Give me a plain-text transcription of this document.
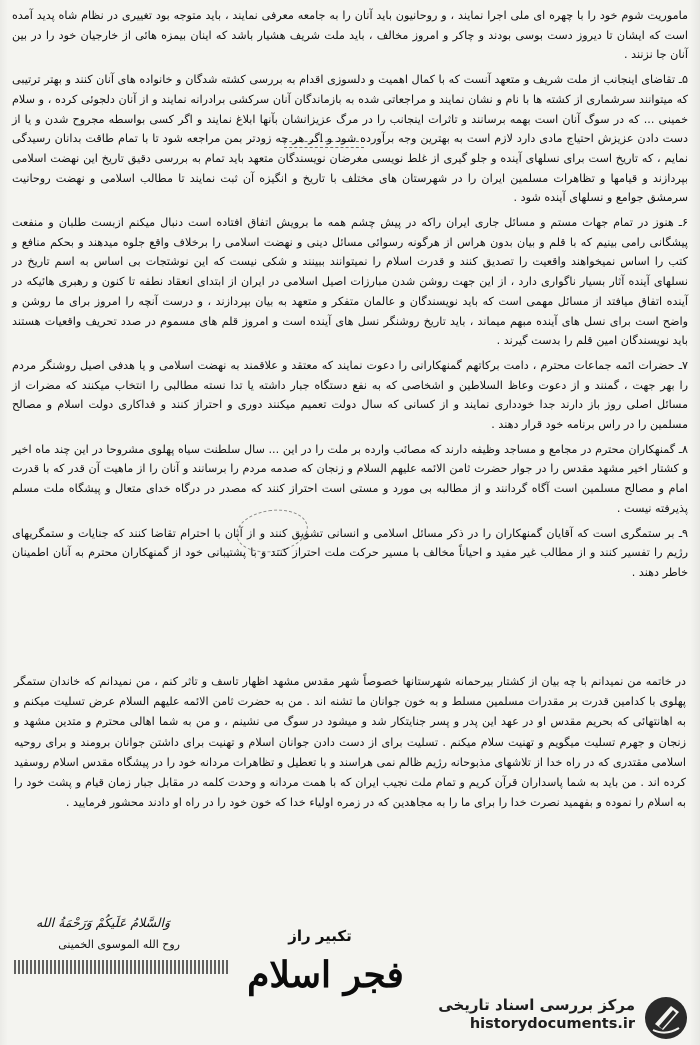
ماموریت شوم خود را با چهره ای ملی اجرا نمایند ، و روحانیون باید آنان را به جامعه معرفی نمایند ، باید متوجه بود تغییری در نظام شاه پدید آمده است که ایشان تا دیروز دست بوسی بودند و چاکر و امروز مخالف ، باید ملت شریف هشیار باشد که اینان بیمزه هائی از خارجیان خود را در بین آنان جا نزنند .

۵ـ تقاضای اینجانب از ملت شریف و متعهد آنست که با کمال اهمیت و دلسوزی اقدام به بررسی کشته شدگان و خانواده های آنان کنند و بهتر ترتیبی که میتوانند سرشماری از کشته ها با نام و نشان نمایند و مراجعاتی شده به بازماندگان آنان سرکشی برادرانه نمایند و از آنان دلجوئی کرده ، و سلام خمینی ... که در سوگ آنان است بهمه برسانند و تاثرات اینجانب را در مرگ عزیزانشان بآنها ابلاغ نمایند و اگر کسی بواسطه مجروح شدن و یا از دست دادن عزیزش احتیاج مادی دارد لازم است به بهترین وجه برآورده شود و اگر هر چه زودتر بمن مراجعه شود تا با تمام طاقت بدانان رسیدگی نمایم ، که تاریخ است برای نسلهای آینده و جلو گیری از غلط نویسی مغرضان نویسندگان متعهد باید تمام به بررسی دقیق تاریخ این نهضت اسلامی بپردازند و قیامها و تظاهرات مسلمین ایران را در شهرستان های مختلف با تاریخ و انگیزه آن ثبت نمایند تا مطالب اسلامی و نهضت روحانیت سرمشق جوامع و نسلهای آینده شود .

۶ـ هنوز در تمام جهات مستم و مسائل جاری ایران راکه در پیش چشم همه ما برویش اتفاق افتاده است دنبال میکنم ازبست طلبان و منفعت پیشگانی رامی بینیم که با قلم و بیان بدون هراس از هرگونه رسوائی مسائل دینی و نهضت اسلامی را برخلاف واقع جلوه میدهند و بحکم منافع و کتب را اساس نمیخواهند واقعیت را تصدیق کنند و قدرت اسلام را نمیتوانند ببینند و شکی نیست که این نوشتجات بی اساس به اسم تاریخ در نسلهای آینده آثار بسیار ناگواری دارد ، از این جهت روشن شدن مبارزات اصیل اسلامی در ایران از ابتدای انعقاد نطفه تا کنون و رهبری هائیکه در آینده اتفاق میافتد از مسائل مهمی است که باید نویسندگان و عالمان متفکر و متعهد به بیان بپردازند ، و درست آنچه را امروز برای ما روشن و واضح است برای نسل های آینده مبهم میماند ، باید تاریخ روشنگر نسل های آینده است و امروز قلم های مسموم در صدد تحریف واقعیات هستند باید نویسندگان امین قلم را بدست گیرند .

۷ـ حضرات ائمه جماعات محترم ، دامت برکاتهم گمنهکارانی را دعوت نمایند که معتقد و علاقمند به نهضت اسلامی و یا هدفی اصیل روشنگر مردم را بهر جهت ، گمنند و از دعوت وعاظ السلاطین و اشخاصی که به نفع دستگاه جبار داشته یا تدا نسته مطالبی را انتخاب میکنند که مضرات از مسائل اصلی روز باز دارند جدا خودداری نمایند و از کسانی که سال دولت تعمیم میکنند دوری و احتراز کنند و فداکاری دولت اسلام و مصالح مسلمین را در راس برنامه خود قرار دهند .

۸ـ گمنهکاران محترم در مجامع و مساجد وظیفه دارند که مصائب وارده بر ملت را در این ... سال سلطنت سیاه پهلوی مشروحا در این چند ماه اخیر و کشتار اخیر مشهد مقدس را در جوار حضرت ثامن الائمه علیهم السلام و زنجان که صدمه مردم را برسانند و آنان را از ماهیت آن قدر که با قدرت امام و مصالح مسلمین است آگاه گردانند و از مطالبه بی مورد و مستی است احتراز کنند که مصدر در درگاه خدای متعال و پیشگاه ملت مسلم پذیرفته نیست .

۹ـ بر ستمگری است که آقایان گمنهکاران را در ذکر مسائل اسلامی و انسانی تشویق کنند و از آنان با احترام تقاضا کنند که جنایات و ستمگریهای رژیم را تفسیر کنند و از مطالب غیر مفید و احیاناً مخالف با مسیر حرکت ملت احتراز کنند و با پشتیبانی خود از گمنهکاران محترم به آنان اطمینان خاطر دهند .

در خاتمه من نمیدانم با چه بیان از کشتار بیرحمانه شهرستانها خصوصاً شهر مقدس مشهد اظهار تاسف و تاثر کنم ، من نمیدانم که خاندان ستمگر پهلوی با کدامین قدرت بر مقدرات مسلمین مسلط و به خون جوانان ما تشنه اند . من به حضرت ثامن الائمه علیهم السلام عرض تسلیت میکنم و به اهانتهائی که بحریم مقدس او در عهد این پدر و پسر جنایتکار شد و میشود در سوگ می نشینم ، و من به شما اهالی محترم و متدین مشهد و زنجان و جهرم تسلیت میگویم و تهنیت سلام میکنم . تسلیت برای از دست دادن جوانان اسلام و تهنیت برای داشتن جوانان برومند و برای روحیه اسلامی مقتدری که در راه خدا از تلاشهای مذبوحانه رژیم ظالم نمی هراسند و با تعطیل و تظاهرات مردانه خود را در پیشگاه مقدس اسلام روسفید کرده اند . من باید به شما پاسداران قرآن کریم و تمام ملت نجیب ایران که با همت مردانه و وحدت کلمه در مقابل جبار زمان قیام و پشت خود را به اسلام را نموده و بفهمید نصرت خدا را برای ما را به مجاهدین که در زمره اولیاء خدا که خون خود را در راه او دادند محشور فرمایید .

وَالسَّلامُ عَلَيكُمْ وَرَحْمَةُ الله
روح الله الموسوی الخمینی	تکبیر راز
فجر اسلام
مرکز بررسی اسناد تاریخی
historydocuments.ir
